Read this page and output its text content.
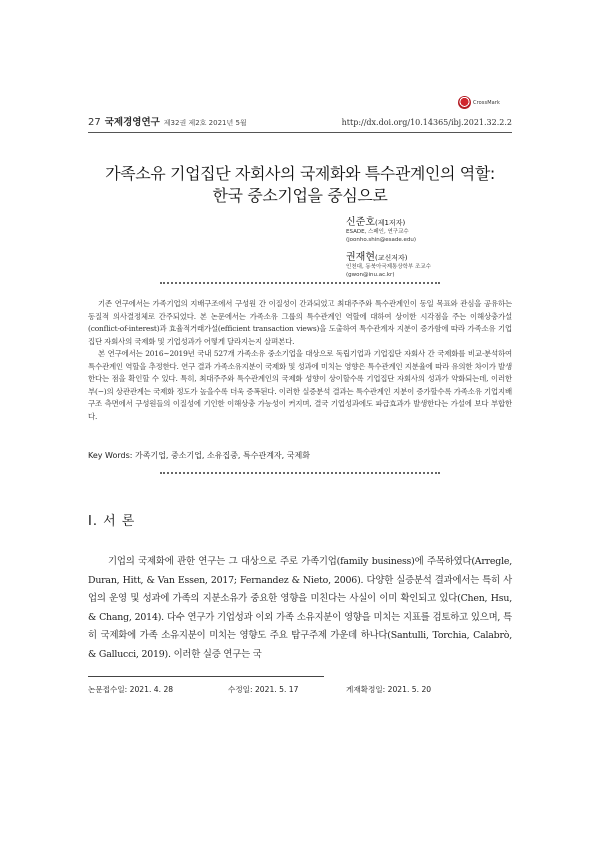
CrossMark
27 국제경영연구 제32권 제2호 2021년 5월	http://dx.doi.org/10.14365/ibj.2021.32.2.2
가족소유 기업집단 자회사의 국제화와 특수관계인의 역할:
한국 중소기업을 중심으로
신준호(제1저자)
ESADE, 스페인, 연구교수
(joonho.shin@esade.edu)
권재현(교신저자)
인천대, 동북아국제통상학부 조교수
(gwon@inu.ac.kr)

기존 연구에서는 가족기업의 지배구조에서 구성원 간 이질성이 간과되었고 최대주주와 특수관계인이 동일 목표와 관심을 공유하는 동질적 의사결정체로 간주되었다. 본 논문에서는 가족소유 그룹의 특수관계인 역할에 대하여 상이한 시각점을 주는 이해상충가설(conflict-of-interest)과 효율적거래가설(efficient transaction views)을 도출하여 특수관계자 지분이 증가함에 따라 가족소유 기업집단 자회사의 국제화 및 기업성과가 어떻게 달라지는지 살펴본다.

본 연구에서는 2016~2019년 국내 527개 가족소유 중소기업을 대상으로 독립기업과 기업집단 자회사 간 국제화를 비교·분석하여 특수관계인 역할을 추정한다. 연구 결과 가족소유지분이 국제화 및 성과에 미치는 영향은 특수관계인 지분율에 따라 유의한 차이가 발생한다는 점을 확인할 수 있다. 특히, 최대주주와 특수관계인의 국제화 성향이 상이할수록 기업집단 자회사의 성과가 약화되는데, 이러한 부(−)의 상관관계는 국제화 정도가 높을수록 더욱 증폭된다. 이러한 실증분석 결과는 특수관계인 지분이 증가할수록 가족소유 기업지배구조 측면에서 구성원들의 이질성에 기인한 이해상충 가능성이 커지며, 결국 기업성과에도 파급효과가 발생한다는 가설에 보다 부합한다.

Key Words: 가족기업, 중소기업, 소유집중, 특수관계자, 국제화
Ⅰ. 서 론

기업의 국제화에 관한 연구는 그 대상으로 주로 가족기업(family business)에 주목하였다(Arregle, Duran, Hitt, & Van Essen, 2017; Fernandez & Nieto, 2006). 다양한 실증분석 결과에서는 특히 사업의 운영 및 성과에 가족의 지분소유가 중요한 영향을 미친다는 사실이 이미 확인되고 있다(Chen, Hsu, & Chang, 2014). 다수 연구가 기업성과 이외 가족 소유지분이 영향을 미치는 지표를 검토하고 있으며, 특히 국제화에 가족 소유지분이 미치는 영향도 주요 탐구주제 가운데 하나다(Santulli, Torchia, Calabrò, & Gallucci, 2019). 이러한 실증 연구는 국

논문접수일: 2021. 4. 28	수정일: 2021. 5. 17	게재확정일: 2021. 5. 20
